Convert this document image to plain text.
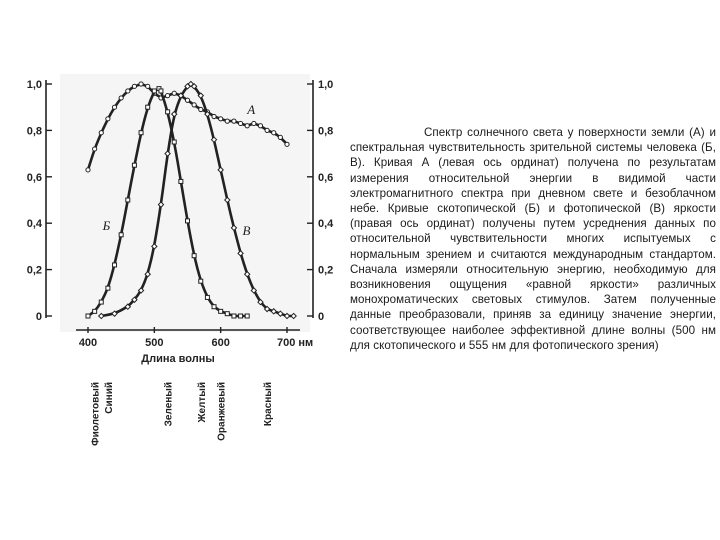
0	0
0,2	0,2
0,4	0,4
0,6	0,6
0,8	0,8
1,0	1,0
400	500	600	700 нм
Длина волны
А
Б	В
Фиолетовый Синий	Зеленый Желтый Оранжевый	Красный

Спектр солнечного света у поверхности земли (А) и спектральная чувствительность зрительной системы человека (Б, В). Кривая А (левая ось ординат) получена по результатам измерения относительной энергии в видимой части электромагнитного спектра при дневном свете и безоблачном небе. Кривые скотопической (Б) и фотопической (В) яркости (правая ось ординат) получены путем усреднения данных по относительной чувствительности многих испытуемых с нормальным зрением и считаются международным стандартом. Сначала измеряли относительную энергию, необходимую для возникновения ощущения «равной яркости» различных монохроматических световых стимулов. Затем полученные данные преобразовали, приняв за единицу значение энергии, соответствующее наиболее эффективной длине волны (500 нм для скотопического и 555 нм для фотопического зрения)
